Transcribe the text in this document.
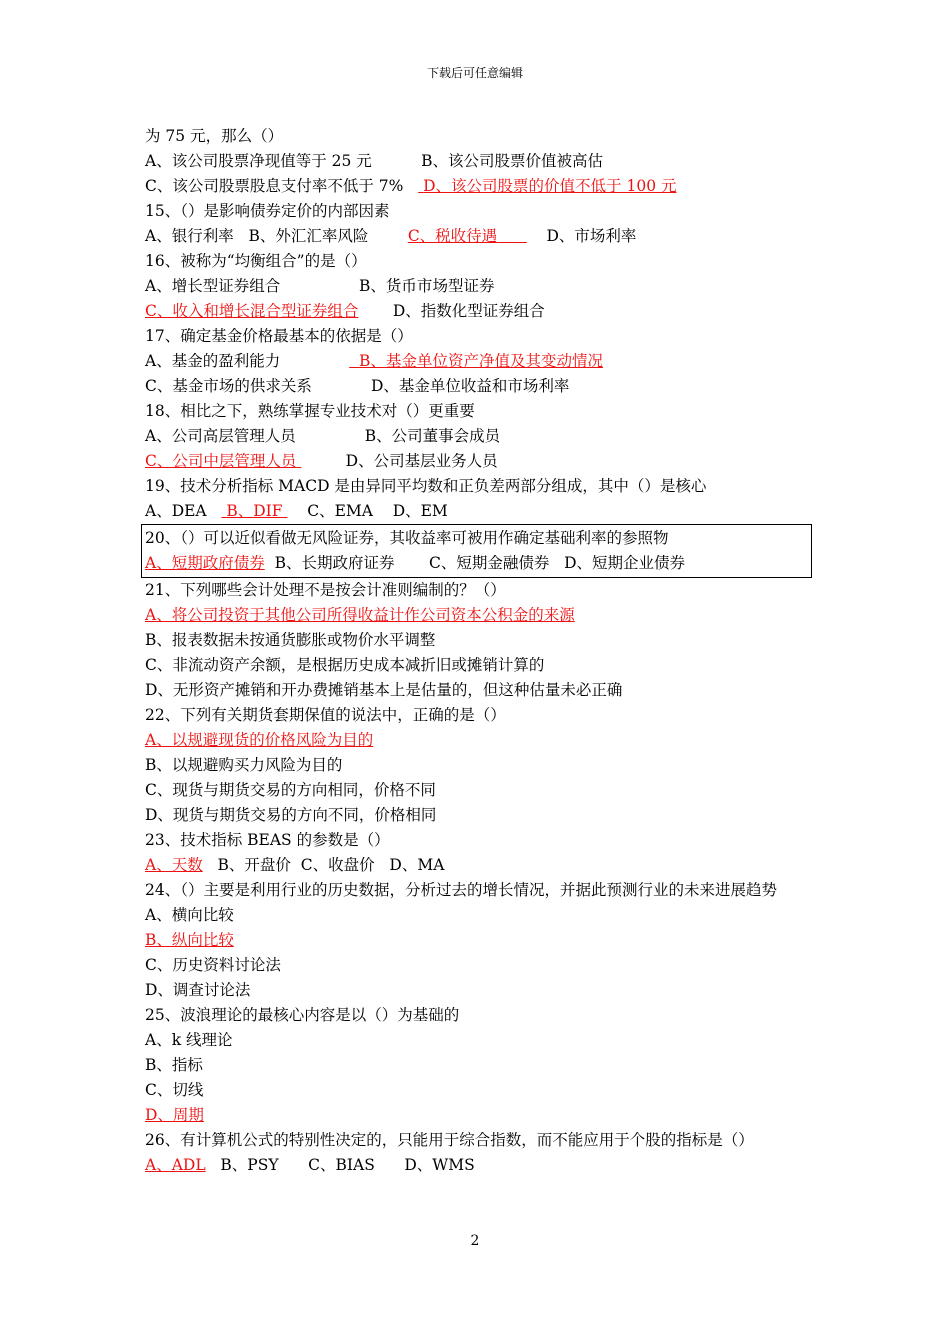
下载后可任意编辑
为 75 元，那么（）
A、该公司股票净现值等于 25 元	B、该公司股票价值被高估
C、该公司股票股息支付率不低于 7% D、该公司股票的价值不低于 100 元
15、（）是影响债券定价的内部因素
A、银行利率 B、外汇汇率风险	C、税收待遇	D、市场利率
16、被称为“均衡组合”的是（）
A、增长型证券组合	B、货币市场型证券
C、收入和增长混合型证券组合 D、指数化型证券组合
17、确定基金价格最基本的依据是（）
A、基金的盈利能力	B、基金单位资产净值及其变动情况
C、基金市场的供求关系	D、基金单位收益和市场利率
18、相比之下，熟练掌握专业技术对（）更重要
A、公司高层管理人员	B、公司董事会成员
C、公司中层管理人员	D、公司基层业务人员
19、技术分析指标 MACD 是由异同平均数和正负差两部分组成，其中（）是核心
A、DEA B、DIF C、EMA D、EM
20、（）可以近似看做无风险证券，其收益率可被用作确定基础利率的参照物
A、短期政府债券 B、长期政府证券 C、短期金融债券 D、短期企业债券
21、下列哪些会计处理不是按会计准则编制的？（）
A、将公司投资于其他公司所得收益计作公司资本公积金的来源
B、报表数据未按通货膨胀或物价水平调整
C、非流动资产余额，是根据历史成本减折旧或摊销计算的
D、无形资产摊销和开办费摊销基本上是估量的，但这种估量未必正确
22、下列有关期货套期保值的说法中，正确的是（）
A、以规避现货的价格风险为目的
B、以规避购买力风险为目的
C、现货与期货交易的方向相同，价格不同
D、现货与期货交易的方向不同，价格相同
23、技术指标 BEAS 的参数是（）
A、天数 B、开盘价 C、收盘价 D、MA
24、（）主要是利用行业的历史数据，分析过去的增长情况，并据此预测行业的未来进展趋势
A、横向比较
B、纵向比较
C、历史资料讨论法
D、调查讨论法
25、波浪理论的最核心内容是以（）为基础的
A、k 线理论
B、指标
C、切线
D、周期
26、有计算机公式的特别性决定的，只能用于综合指数，而不能应用于个股的指标是（）
A、ADL B、PSY C、BIAS D、WMS
2
